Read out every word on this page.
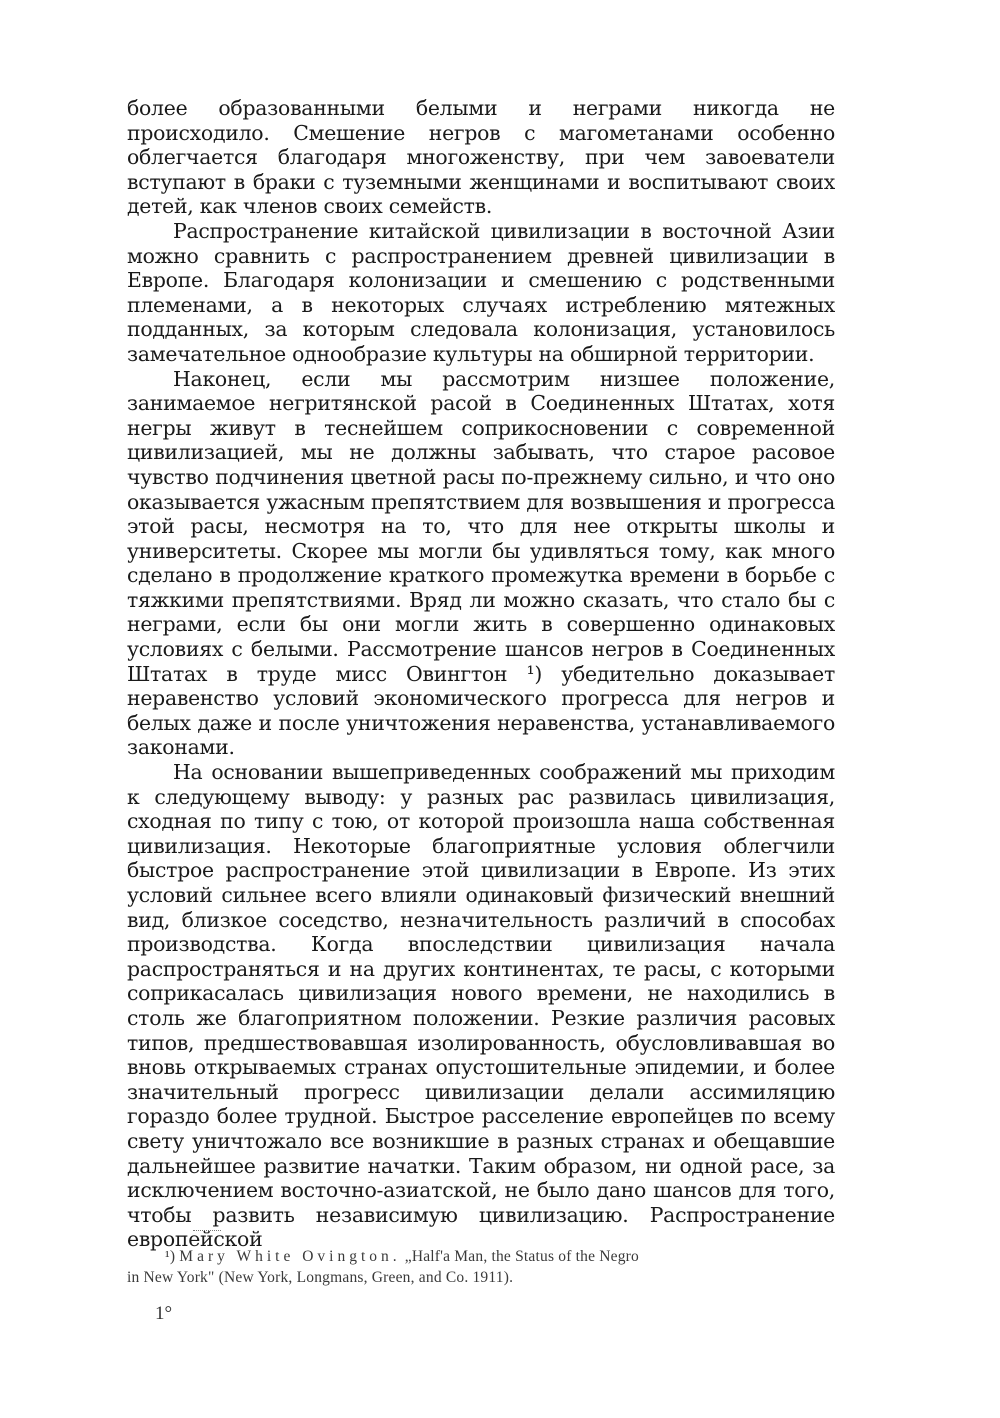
более образованными белыми и неграми никогда не происходило. Смешение негров с магометанами особенно облегчается благодаря многоженству, при чем завоеватели вступают в браки с туземными женщинами и воспитывают своих детей, как членов своих семейств.

Распространение китайской цивилизации в восточной Азии можно сравнить с распространением древней цивилизации в Европе. Благодаря колонизации и смешению с родственными племенами, а в некоторых случаях истреблению мятежных подданных, за которым следовала колонизация, установилось замечательное однообразие культуры на обширной территории.

Наконец, если мы рассмотрим низшее положение, занимаемое негритянской расой в Соединенных Штатах, хотя негры живут в теснейшем соприкосновении с современной цивилизацией, мы не должны забывать, что старое расовое чувство подчинения цветной расы по-прежнему сильно, и что оно оказывается ужасным препятствием для возвышения и прогресса этой расы, несмотря на то, что для нее открыты школы и университеты. Скорее мы могли бы удивляться тому, как много сделано в продолжение краткого промежутка времени в борьбе с тяжкими препятствиями. Вряд ли можно сказать, что стало бы с неграми, если бы они могли жить в совершенно одинаковых условиях с белыми. Рассмотрение шансов негров в Соединенных Штатах в труде мисс Овингтон ¹) убедительно доказывает неравенство условий экономического прогресса для негров и белых даже и после уничтожения неравенства, устанавливаемого законами.

На основании вышеприведенных соображений мы приходим к следующему выводу: у разных рас развилась цивилизация, сходная по типу с тою, от которой произошла наша собственная цивилизация. Некоторые благоприятные условия облегчили быстрое распространение этой цивилизации в Европе. Из этих условий сильнее всего влияли одинаковый физический внешний вид, близкое соседство, незначительность различий в способах производства. Когда впоследствии цивилизация начала распространяться и на других континентах, те расы, с которыми соприкасалась цивилизация нового времени, не находились в столь же благоприятном положении. Резкие различия расовых типов, предшествовавшая изолированность, обусловливавшая во вновь открываемых странах опустошительные эпидемии, и более значительный прогресс цивилизации делали ассимиляцию гораздо более трудной. Быстрое расселение европейцев по всему свету уничтожало все возникшие в разных странах и обещавшие дальнейшее развитие начатки. Таким образом, ни одной расе, за исключением восточно-азиатской, не было дано шансов для того, чтобы развить независимую цивилизацию. Распространение европейской

¹) Mary White Ovington. „Half'a Man, the Status of the Negro
in New York" (New York, Longmans, Green, and Co. 1911).
1°
